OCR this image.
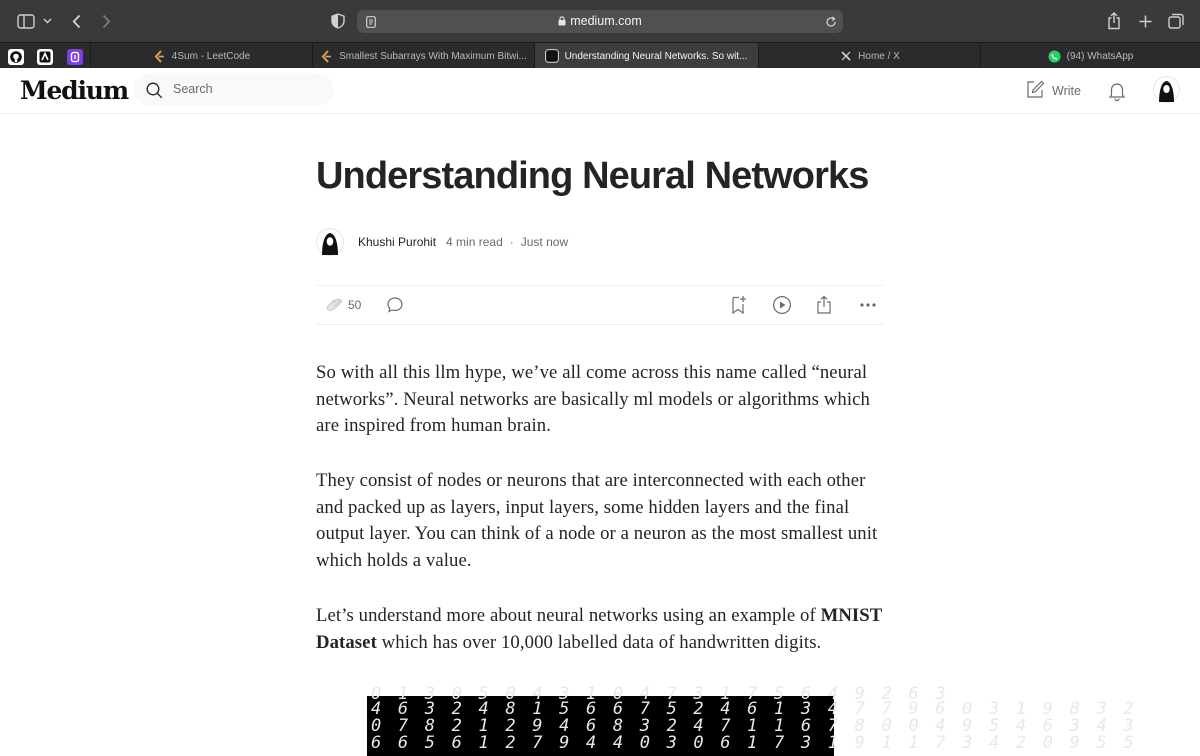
medium.com
4Sum - LeetCode	Smallest Subarrays With Maximum Bitwi...	Understanding Neural Networks. So wit...	Home / X	(94) WhatsApp
Medium	Search	Write
Understanding Neural Networks
Khushi Purohit 4 min read · Just now
50

So with all this llm hype, we’ve all come across this name called “neural networks”. Neural networks are basically ml models or algorithms which are inspired from human brain.

They consist of nodes or neurons that are interconnected with each other and packed up as layers, input layers, some hidden layers and the final output layer. You can think of a node or a neuron as the most smallest unit which holds a value.

Let’s understand more about neural networks using an example of MNIST Dataset which has over 10,000 labelled data of handwritten digits.

0 1 3 0 5 0 4 3 1 0 4 7 3 1 7 5 6 4 9 2 6 3
4 6 3 2 4 8 1 5 6 6 7 5 2 4 6 1 3 4 7 7 9 6 0 3 1 9 8 3 2
0 7 8 2 1 2 9 4 6 8 3 2 4 7 1 1 6 7 8 0 0 4 9 5 4 6 3 4 3
6 6 5 6 1 2 7 9 4 4 0 3 0 6 1 7 3 1 9 1 1 7 3 4 2 0 9 5 5
